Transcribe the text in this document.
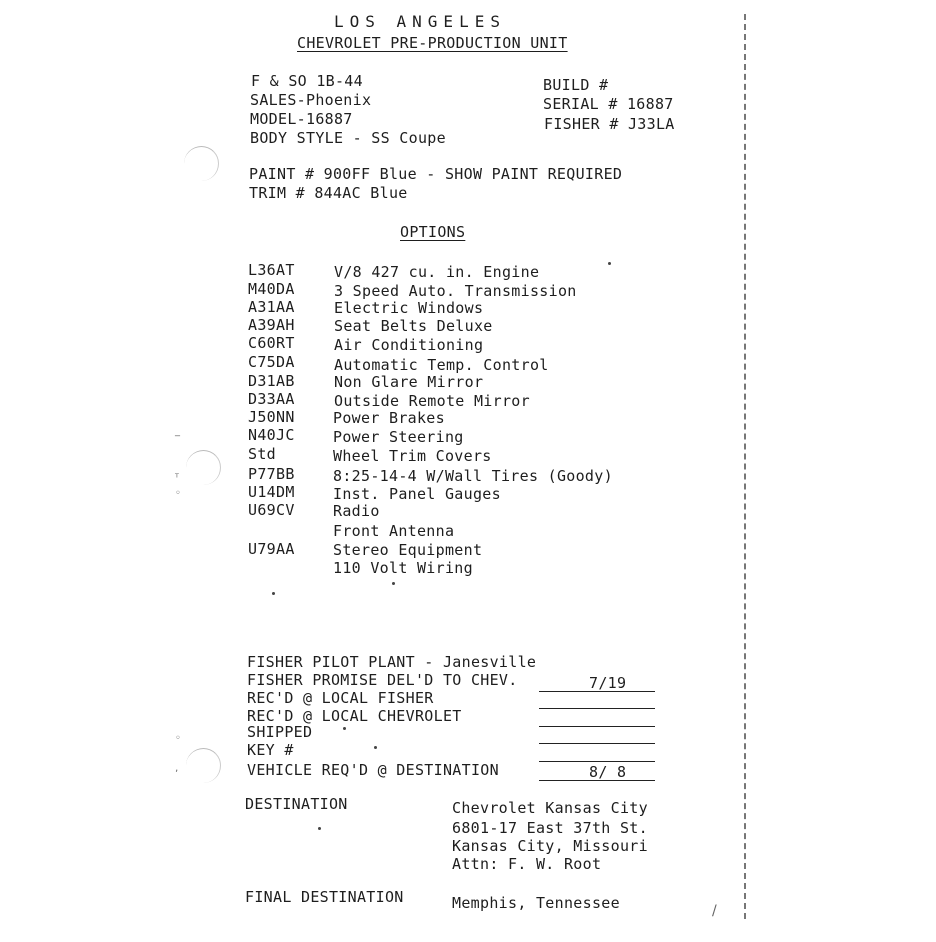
‾
ᵀ
◦
◦
‚
/
LOS ANGELES
CHEVROLET PRE-PRODUCTION UNIT
F & SO 1B-44
SALES-Phoenix
MODEL-16887
BODY STYLE - SS Coupe
BUILD #
SERIAL # 16887
FISHER # J33LA
PAINT # 900FF Blue - SHOW PAINT REQUIRED
TRIM # 844AC Blue
OPTIONS
L36AT	V/8 427 cu. in. Engine
M40DA	3 Speed Auto. Transmission
A31AA	Electric Windows
A39AH	Seat Belts Deluxe
C60RT	Air Conditioning
C75DA	Automatic Temp. Control
D31AB	Non Glare Mirror
D33AA	Outside Remote Mirror
J50NN	Power Brakes
N40JC	Power Steering
Std	Wheel Trim Covers
P77BB	8:25-14-4 W/Wall Tires (Goody)
U14DM	Inst. Panel Gauges
U69CV	Radio
Front Antenna
U79AA	Stereo Equipment
110 Volt Wiring
FISHER PILOT PLANT - Janesville
FISHER PROMISE DEL'D TO CHEV.	7/19
REC'D @ LOCAL FISHER
REC'D @ LOCAL CHEVROLET
SHIPPED
KEY #
VEHICLE REQ'D @ DESTINATION	8/ 8
DESTINATION	Chevrolet Kansas City
6801-17 East 37th St.
Kansas City, Missouri
Attn: F. W. Root
FINAL DESTINATION	Memphis, Tennessee
